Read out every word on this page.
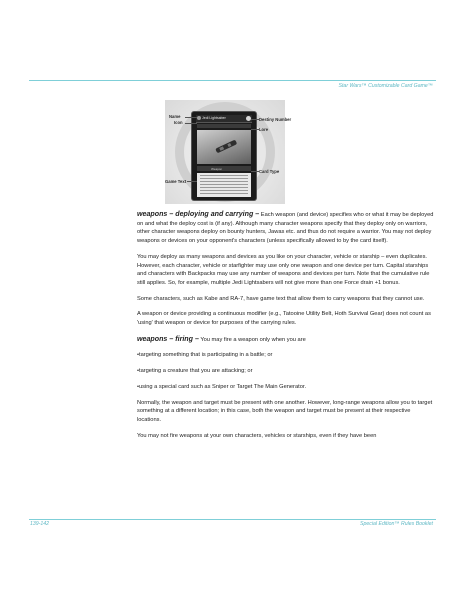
Star Wars™ Customizable Card Game™
Jedi Lightsaber
Weapon
Name
Icon
Destiny Number
Lore
Card Type
Game Text

weapons – deploying and carrying – Each weapon (and device) specifies who or what it may be deployed on and what the deploy cost is (if any). Although many character weapons specify that they deploy only on warriors, other character weapons deploy on bounty hunters, Jawas etc. and thus do not require a warrior. You may not deploy weapons or devices on your opponent's characters (unless specifically allowed to by the card itself).

You may deploy as many weapons and devices as you like on your character, vehicle or starship – even duplicates. However, each character, vehicle or starfighter may use only one weapon and one device per turn. Capital starships and characters with Backpacks may use any number of weapons and devices per turn. Note that the cumulative rule still applies. So, for example, multiple Jedi Lightsabers will not give more than one Force drain +1 bonus.

Some characters, such as Kabe and RA-7, have game text that allow them to carry weapons that they cannot use.

A weapon or device providing a continuous modifier (e.g., Tatooine Utility Belt, Hoth Survival Gear) does not count as 'using' that weapon or device for purposes of the carrying rules.

weapons – firing – You may fire a weapon only when you are

•targeting something that is participating in a battle; or

•targeting a creature that you are attacking; or

•using a special card such as Sniper or Target The Main Generator.

Normally, the weapon and target must be present with one another. However, long-range weapons allow you to target something at a different location; in this case, both the weapon and target must be present at their respective locations.

You may not fire weapons at your own characters, vehicles or starships, even if they have been

139-142	Special Edition™ Rules Booklet
